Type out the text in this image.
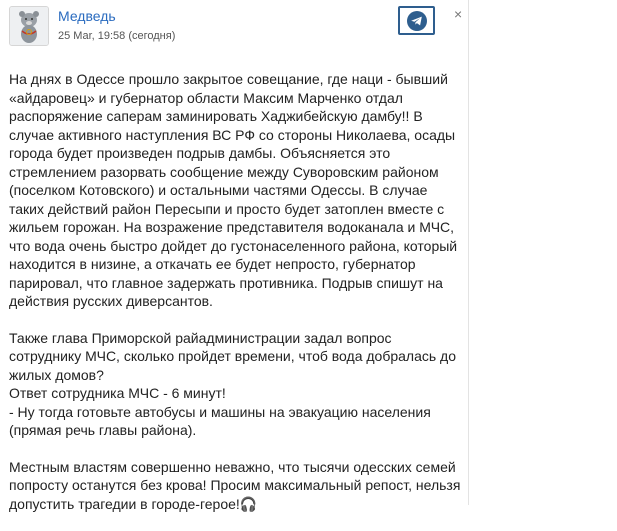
Медведь
25 Mar, 19:58 (сегодня)
×

На днях в Одессе прошло закрытое совещание, где наци - бывший «айдаровец» и губернатор области Максим Марченко отдал распоряжение саперам заминировать Хаджибейскую дамбу!! В случае активного наступления ВС РФ со стороны Николаева, осады города будет произведен подрыв дамбы. Объясняется это стремлением разорвать сообщение между Суворовским районом (поселком Котовского) и остальными частями Одессы. В случае таких действий район Пересыпи и просто будет затоплен вместе с жильем горожан. На возражение представителя водоканала и МЧС, что вода очень быстро дойдет до густонаселенного района, который находится в низине, а откачать ее будет непросто, губернатор парировал, что главное задержать противника. Подрыв спишут на действия русских диверсантов.

Также глава Приморской райадминистрации задал вопрос сотруднику МЧС, сколько пройдет времени, чтоб вода добралась до жилых домов?
Ответ сотрудника МЧС - 6 минут!
- Ну тогда готовьте автобусы и машины на эвакуацию населения (прямая речь главы района).

Местным властям совершенно неважно, что тысячи одесских семей попросту останутся без крова! Просим максимальный репост, нельзя допустить трагедии в городе-герое!🎧
